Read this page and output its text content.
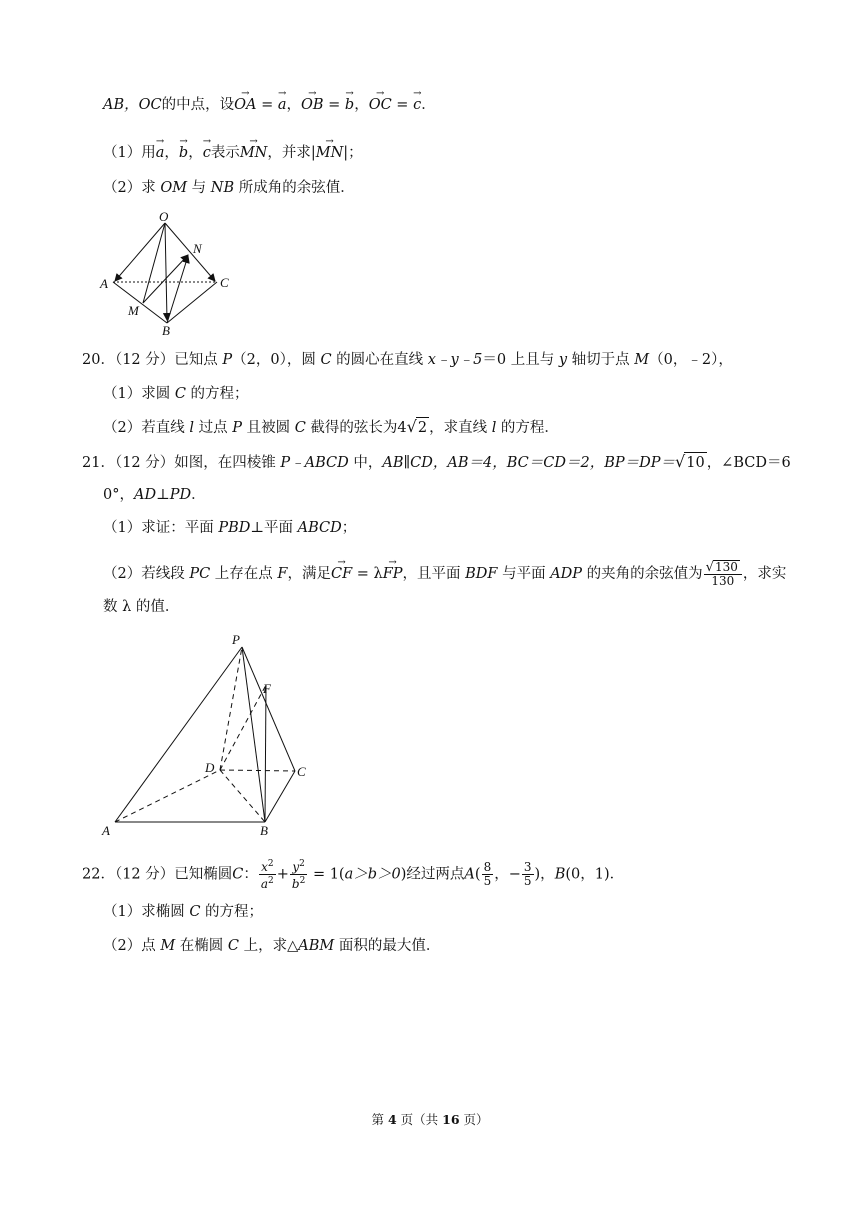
AB，OC的中点，设→ OA = → a，→ OB = → b，→ OC = → c．
（1）用→ a，→ b，→ c表示→ MN，并求|→ MN|；
（2）求 OM 与 NB 所成角的余弦值．
O
N
A	C
M
B
20．（12 分）已知点 P（2，0），圆 C 的圆心在直线 x﹣y﹣5＝0 上且与 y 轴切于点 M（0，﹣2），
（1）求圆 C 的方程；
（2）若直线 l 过点 P 且被圆 C 截得的弦长为4√2 ，求直线 l 的方程．
21．（12 分）如图，在四棱锥 P﹣ABCD 中，AB∥CD，AB＝4，BC＝CD＝2，BP＝DP＝√10 ，∠BCD＝6
0°，AD⊥PD．
（1）求证：平面 PBD⊥平面 ABCD；
（2）若线段 PC 上存在点 F，满足→ CF = λ→ FP，且平面 BDF 与平面 ADP 的夹角的余弦值为 $\frac{√130}{130}$ ，求实
数 λ 的值．
P
F
D	C
A	B
22．（12 分）已知椭圆C： $\frac{x^2}{a^2} + \frac{y^2}{b^2} = 1(a>b>0)$经过两点$A( \frac{8}{5}$ ，− $\frac{3}{5}$ )，B(0，1)．
（1）求椭圆 C 的方程；
（2）点 M 在椭圆 C 上，求△ABM 面积的最大值．
第 4 页（共 16 页）
